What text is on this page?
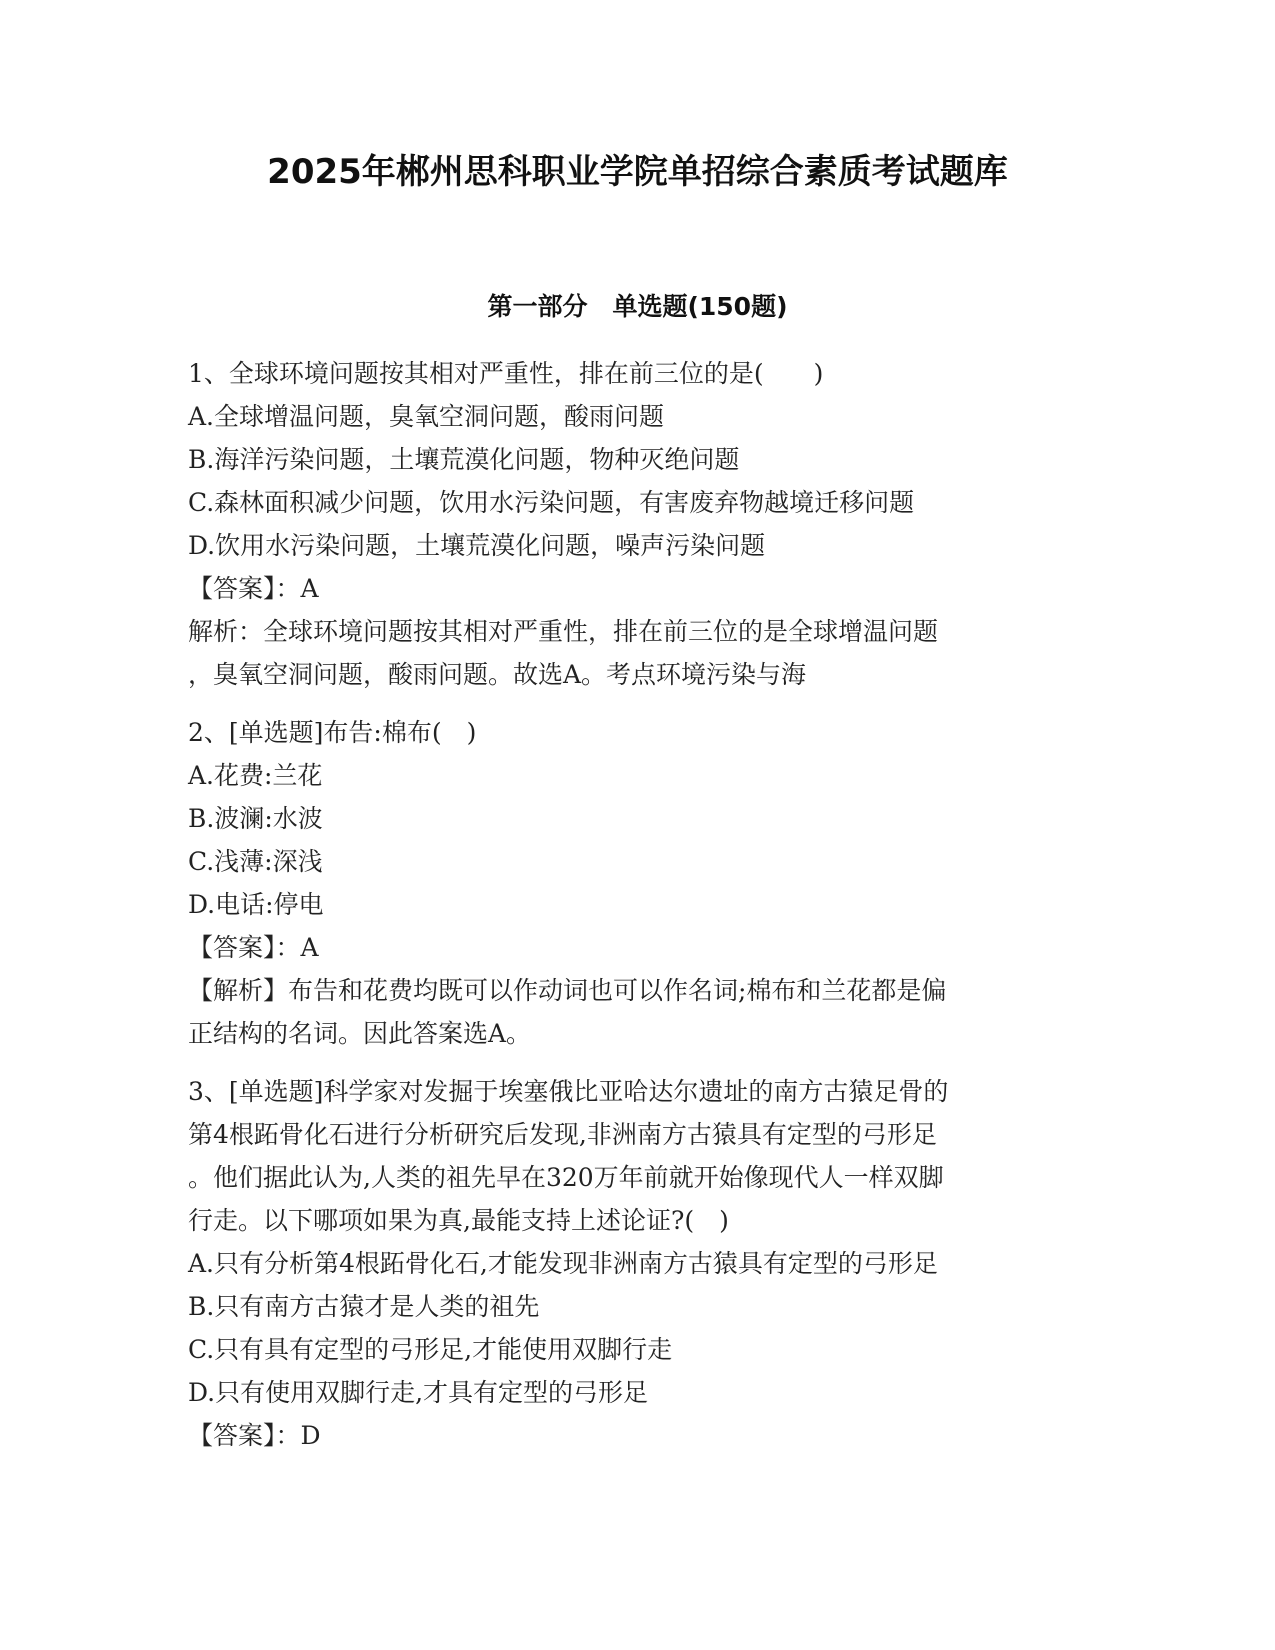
2025年郴州思科职业学院单招综合素质考试题库
第一部分　单选题(150题)
1、全球环境问题按其相对严重性，排在前三位的是(　　)
A.全球增温问题，臭氧空洞问题，酸雨问题
B.海洋污染问题，土壤荒漠化问题，物种灭绝问题
C.森林面积减少问题，饮用水污染问题，有害废弃物越境迁移问题
D.饮用水污染问题，土壤荒漠化问题，噪声污染问题
【答案】：A
解析：全球环境问题按其相对严重性，排在前三位的是全球增温问题
，臭氧空洞问题，酸雨问题。故选A。考点环境污染与海
2、[单选题]布告:棉布(　)
A.花费:兰花
B.波澜:水波
C.浅薄:深浅
D.电话:停电
【答案】：A
【解析】布告和花费均既可以作动词也可以作名词;棉布和兰花都是偏
正结构的名词。因此答案选A。
3、[单选题]科学家对发掘于埃塞俄比亚哈达尔遗址的南方古猿足骨的
第4根跖骨化石进行分析研究后发现,非洲南方古猿具有定型的弓形足
。他们据此认为,人类的祖先早在320万年前就开始像现代人一样双脚
行走。以下哪项如果为真,最能支持上述论证?(　)
A.只有分析第4根跖骨化石,才能发现非洲南方古猿具有定型的弓形足
B.只有南方古猿才是人类的祖先
C.只有具有定型的弓形足,才能使用双脚行走
D.只有使用双脚行走,才具有定型的弓形足
【答案】：D
